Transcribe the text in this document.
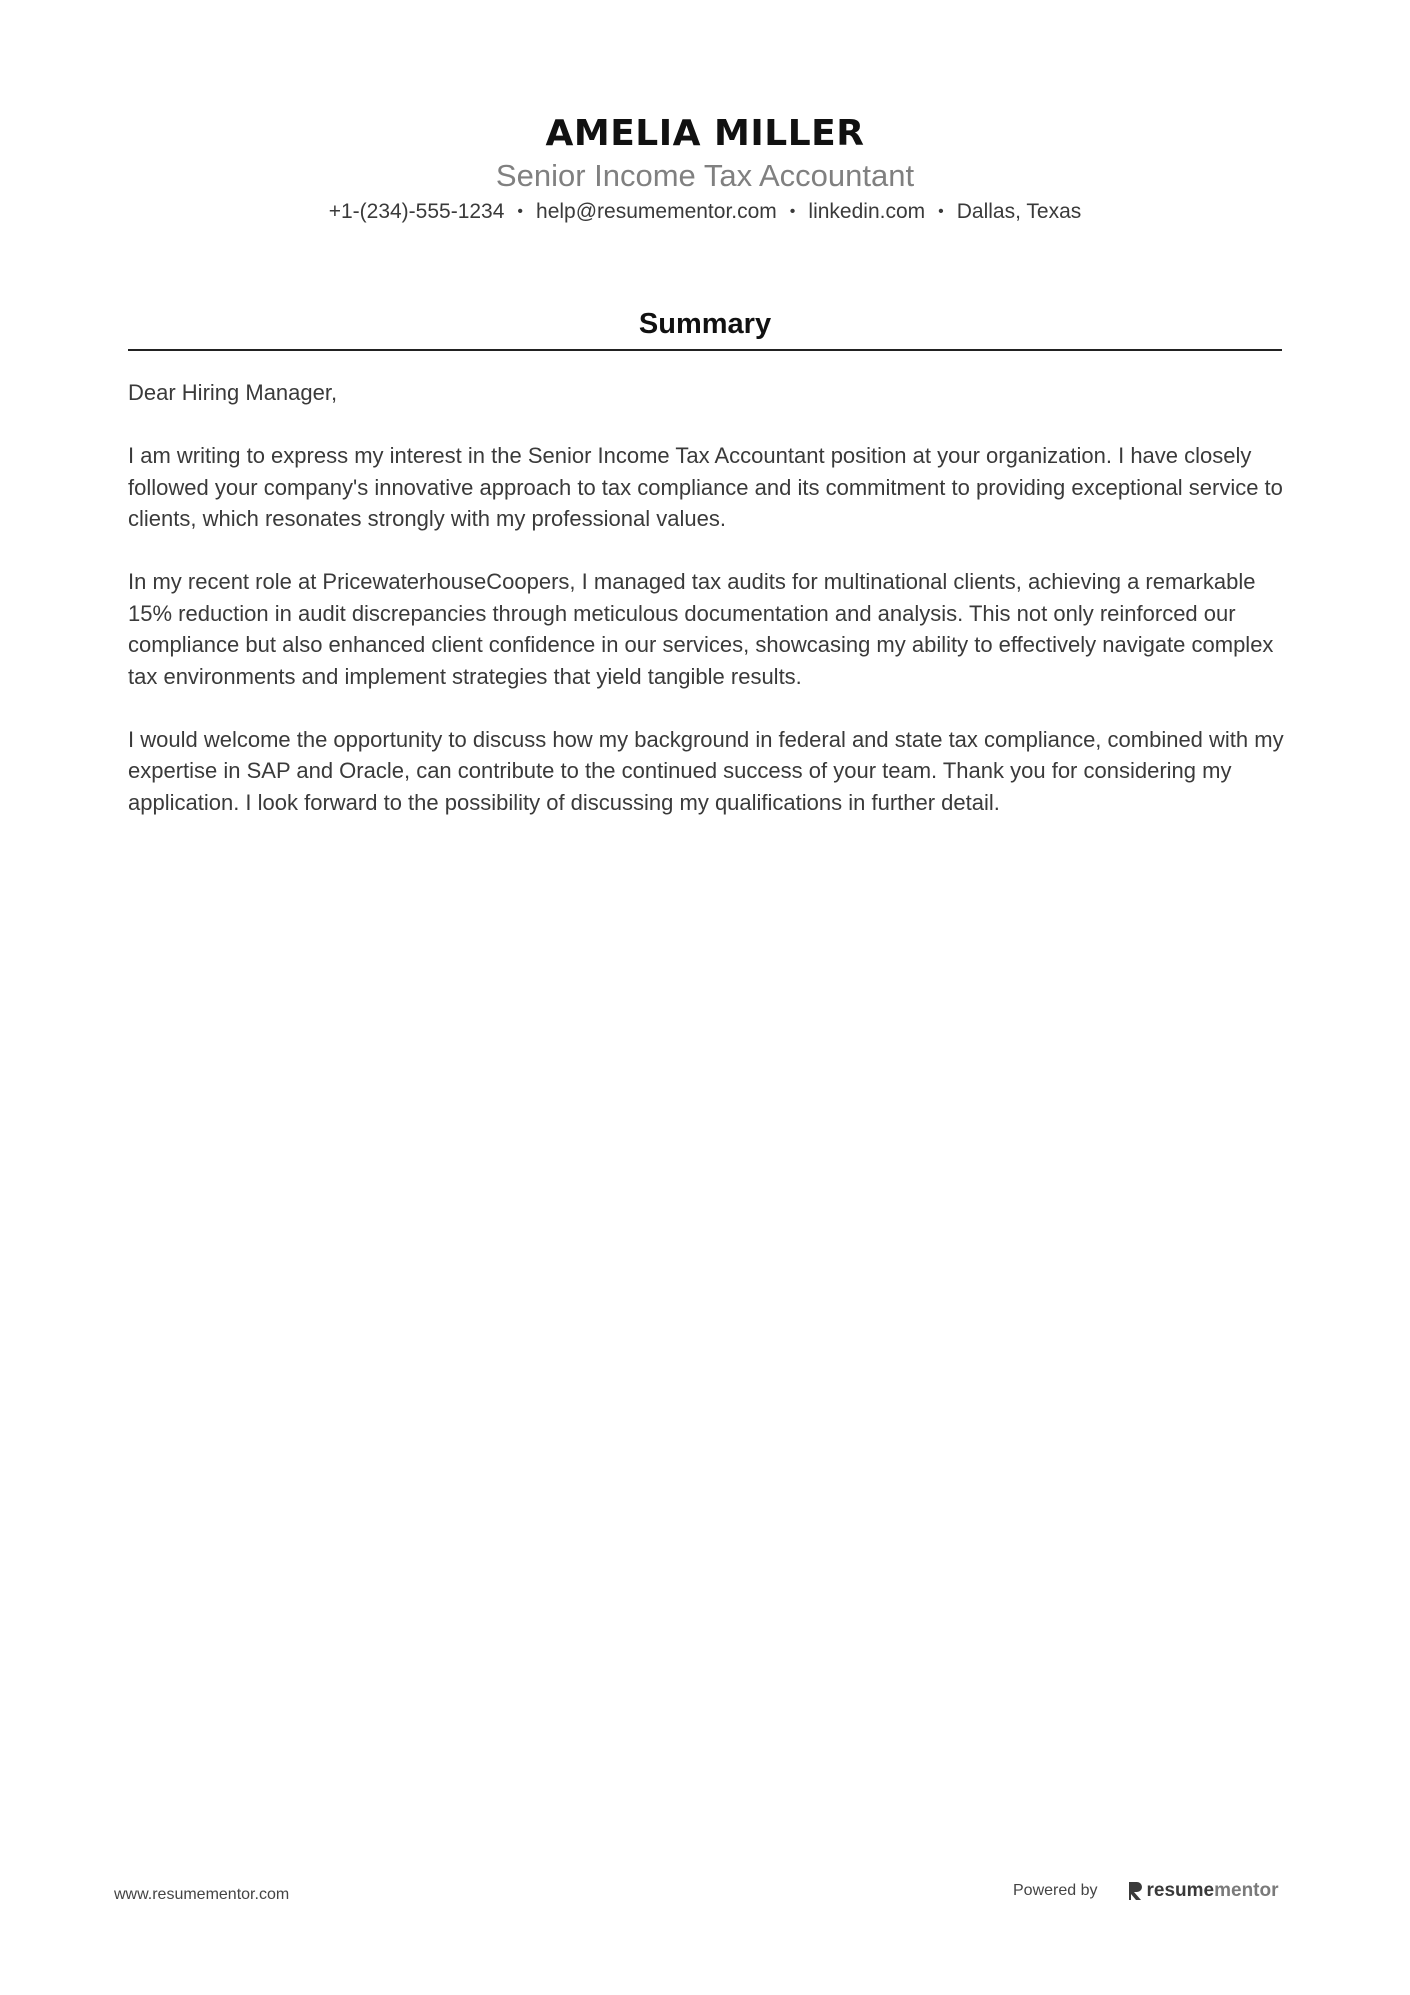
AMELIA MILLER
Senior Income Tax Accountant
+1-(234)-555-1234 • help@resumementor.com • linkedin.com • Dallas, Texas
Summary

Dear Hiring Manager,

I am writing to express my interest in the Senior Income Tax Accountant position at your organization. I have closely followed your company's innovative approach to tax compliance and its commitment to providing exceptional service to clients, which resonates strongly with my professional values.

In my recent role at PricewaterhouseCoopers, I managed tax audits for multinational clients, achieving a remarkable 15% reduction in audit discrepancies through meticulous documentation and analysis. This not only reinforced our compliance but also enhanced client confidence in our services, showcasing my ability to effectively navigate complex tax environments and implement strategies that yield tangible results.

I would welcome the opportunity to discuss how my background in federal and state tax compliance, combined with my expertise in SAP and Oracle, can contribute to the continued success of your team. Thank you for considering my application. I look forward to the possibility of discussing my qualifications in further detail.

www.resumementor.com	Powered by	resume mentor
